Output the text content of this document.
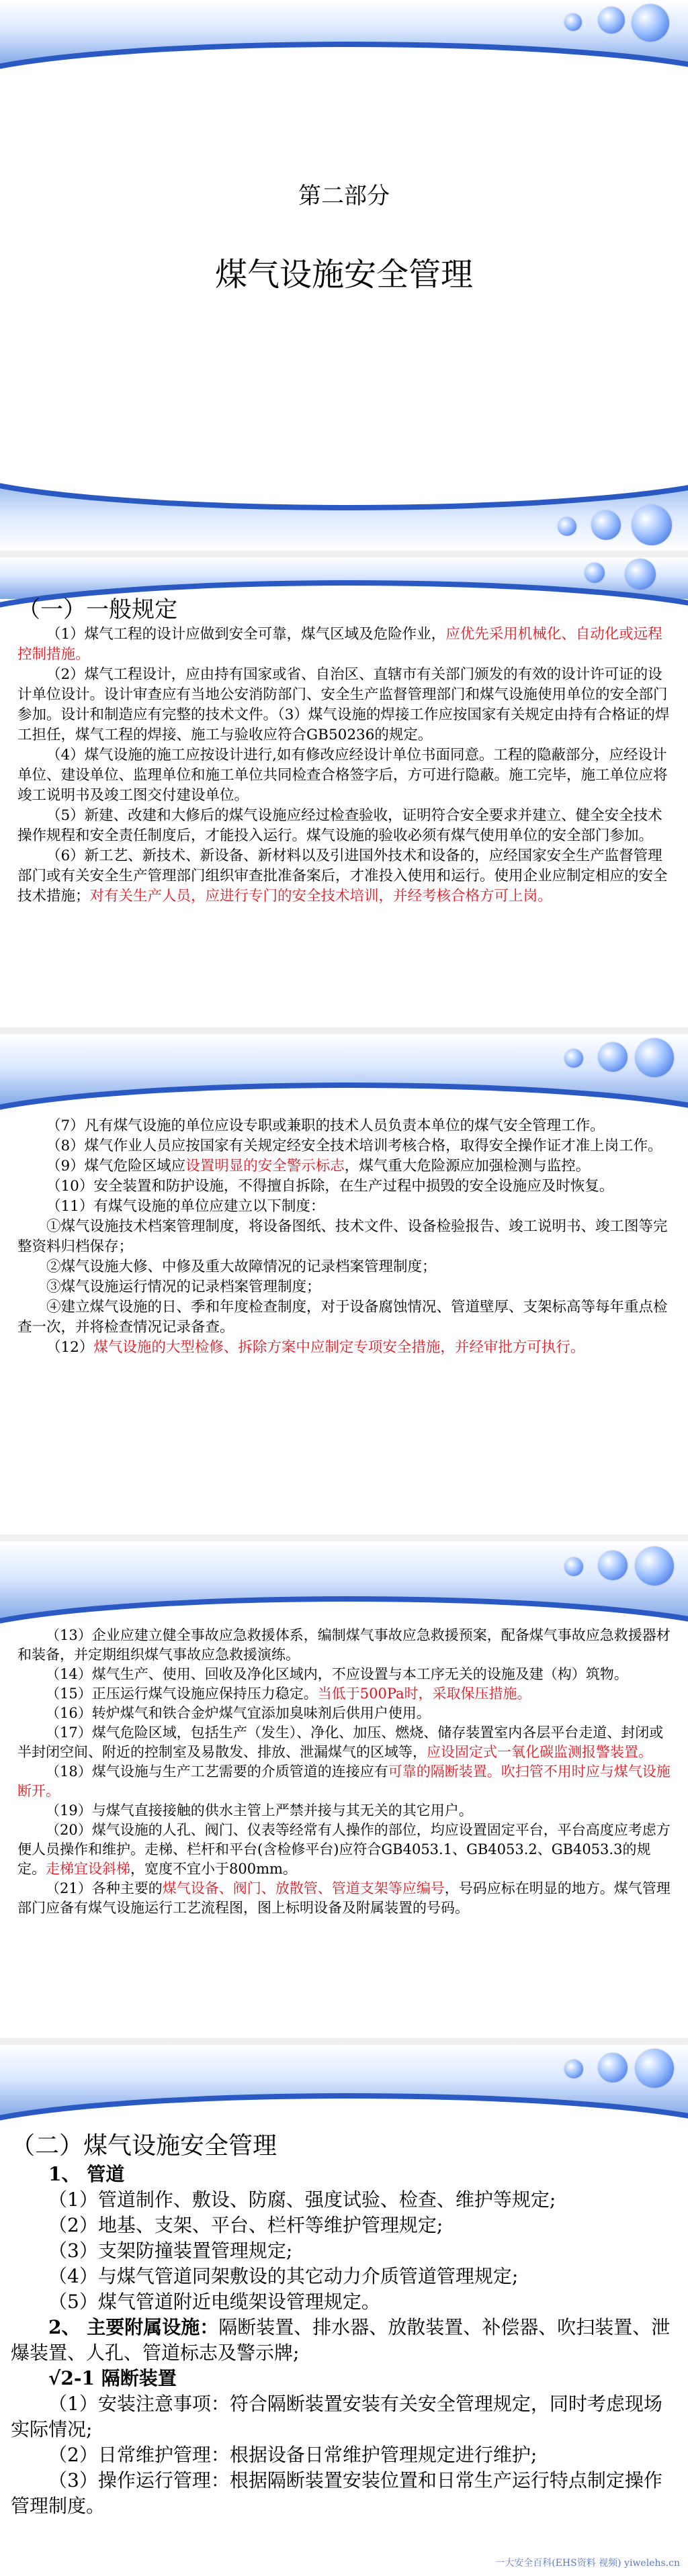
第二部分
煤气设施安全管理
（一）一般规定

（1）煤气工程的设计应做到安全可靠，煤气区域及危险作业，应优先采用机械化、自动化或远程控制措施。

（2）煤气工程设计，应由持有国家或省、自治区、直辖市有关部门颁发的有效的设计许可证的设计单位设计。设计审查应有当地公安消防部门、安全生产监督管理部门和煤气设施使用单位的安全部门参加。设计和制造应有完整的技术文件。（3）煤气设施的焊接工作应按国家有关规定由持有合格证的焊工担任，煤气工程的焊接、施工与验收应符合GB50236的规定。

（4）煤气设施的施工应按设计进行,如有修改应经设计单位书面同意。工程的隐蔽部分，应经设计单位、建设单位、监理单位和施工单位共同检查合格签字后，方可进行隐蔽。施工完毕，施工单位应将竣工说明书及竣工图交付建设单位。

（5）新建、改建和大修后的煤气设施应经过检查验收，证明符合安全要求并建立、健全安全技术操作规程和安全责任制度后，才能投入运行。煤气设施的验收必须有煤气使用单位的安全部门参加。

（6）新工艺、新技术、新设备、新材料以及引进国外技术和设备的，应经国家安全生产监督管理部门或有关安全生产管理部门组织审查批准备案后，才准投入使用和运行。使用企业应制定相应的安全技术措施；对有关生产人员，应进行专门的安全技术培训，并经考核合格方可上岗。

（7）凡有煤气设施的单位应设专职或兼职的技术人员负责本单位的煤气安全管理工作。

（8）煤气作业人员应按国家有关规定经安全技术培训考核合格，取得安全操作证才准上岗工作。

（9）煤气危险区域应设置明显的安全警示标志，煤气重大危险源应加强检测与监控。

（10）安全装置和防护设施，不得擅自拆除，在生产过程中损毁的安全设施应及时恢复。

（11）有煤气设施的单位应建立以下制度：

①煤气设施技术档案管理制度，将设备图纸、技术文件、设备检验报告、竣工说明书、竣工图等完整资料归档保存；

②煤气设施大修、中修及重大故障情况的记录档案管理制度；

③煤气设施运行情况的记录档案管理制度；

④建立煤气设施的日、季和年度检查制度，对于设备腐蚀情况、管道壁厚、支架标高等每年重点检查一次，并将检查情况记录备查。

（12）煤气设施的大型检修、拆除方案中应制定专项安全措施，并经审批方可执行。

（13）企业应建立健全事故应急救援体系，编制煤气事故应急救援预案，配备煤气事故应急救援器材和装备，并定期组织煤气事故应急救援演练。

（14）煤气生产、使用、回收及净化区域内，不应设置与本工序无关的设施及建（构）筑物。

（15）正压运行煤气设施应保持压力稳定。当低于500Pa时，采取保压措施。

（16）转炉煤气和铁合金炉煤气宜添加臭味剂后供用户使用。

（17）煤气危险区域，包括生产（发生）、净化、加压、燃烧、储存装置室内各层平台走道、封闭或半封闭空间、附近的控制室及易散发、排放、泄漏煤气的区域等，应设固定式一氧化碳监测报警装置。

（18）煤气设施与生产工艺需要的介质管道的连接应有可靠的隔断装置。吹扫管不用时应与煤气设施断开。

（19）与煤气直接接触的供水主管上严禁并接与其无关的其它用户。

（20）煤气设施的人孔、阀门、仪表等经常有人操作的部位，均应设置固定平台，平台高度应考虑方便人员操作和维护。走梯、栏杆和平台(含检修平台)应符合GB4053.1、GB4053.2、GB4053.3的规定。走梯宜设斜梯，宽度不宜小于800mm。

（21）各种主要的煤气设备、阀门、放散管、管道支架等应编号，号码应标在明显的地方。煤气管理部门应备有煤气设施运行工艺流程图，图上标明设备及附属装置的号码。

（二）煤气设施安全管理

1、 管道

（1）管道制作、敷设、防腐、强度试验、检查、维护等规定;

（2）地基、支架、平台、栏杆等维护管理规定;

（3）支架防撞装置管理规定;

（4）与煤气管道同架敷设的其它动力介质管道管理规定;

（5）煤气管道附近电缆架设管理规定。

2、 主要附属设施：隔断装置、排水器、放散装置、补偿器、吹扫装置、泄爆装置、人孔、管道标志及警示牌;

√2-1 隔断装置

（1）安装注意事项：符合隔断装置安装有关安全管理规定，同时考虑现场实际情况;

（2）日常维护管理：根据设备日常维护管理规定进行维护;

（3）操作运行管理：根据隔断装置安装位置和日常生产运行特点制定操作管理制度。

一大安全百科(EHS资料 视频) yiwelehs.cn
